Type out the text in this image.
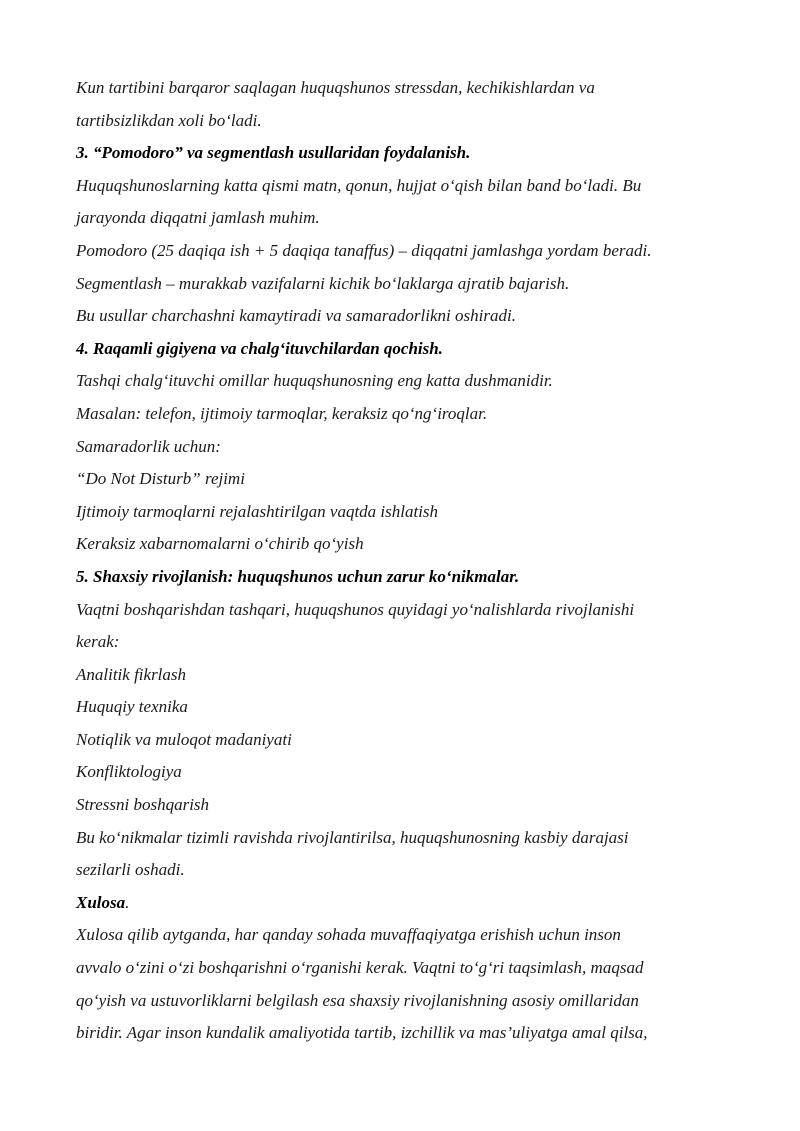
Kun tartibini barqaror saqlagan huquqshunos stressdan, kechikishlardan va
tartibsizlikdan xoli bo‘ladi.
3. “Pomodoro” va segmentlash usullaridan foydalanish.
Huquqshunoslarning katta qismi matn, qonun, hujjat o‘qish bilan band bo‘ladi. Bu
jarayonda diqqatni jamlash muhim.
Pomodoro (25 daqiqa ish + 5 daqiqa tanaffus) – diqqatni jamlashga yordam beradi.
Segmentlash – murakkab vazifalarni kichik bo‘laklarga ajratib bajarish.
Bu usullar charchashni kamaytiradi va samaradorlikni oshiradi.
4. Raqamli gigiyena va chalg‘ituvchilardan qochish.
Tashqi chalg‘ituvchi omillar huquqshunosning eng katta dushmanidir.
Masalan: telefon, ijtimoiy tarmoqlar, keraksiz qo‘ng‘iroqlar.
Samaradorlik uchun:
“Do Not Disturb” rejimi
Ijtimoiy tarmoqlarni rejalashtirilgan vaqtda ishlatish
Keraksiz xabarnomalarni o‘chirib qo‘yish
5. Shaxsiy rivojlanish: huquqshunos uchun zarur ko‘nikmalar.
Vaqtni boshqarishdan tashqari, huquqshunos quyidagi yo‘nalishlarda rivojlanishi
kerak:
Analitik fikrlash
Huquqiy texnika
Notiqlik va muloqot madaniyati
Konfliktologiya
Stressni boshqarish
Bu ko‘nikmalar tizimli ravishda rivojlantirilsa, huquqshunosning kasbiy darajasi
sezilarli oshadi.
Xulosa.
Xulosa qilib aytganda, har qanday sohada muvaffaqiyatga erishish uchun inson
avvalo o‘zini o‘zi boshqarishni o‘rganishi kerak. Vaqtni to‘g‘ri taqsimlash, maqsad
qo‘yish va ustuvorliklarni belgilash esa shaxsiy rivojlanishning asosiy omillaridan
biridir. Agar inson kundalik amaliyotida tartib, izchillik va mas’uliyatga amal qilsa,
